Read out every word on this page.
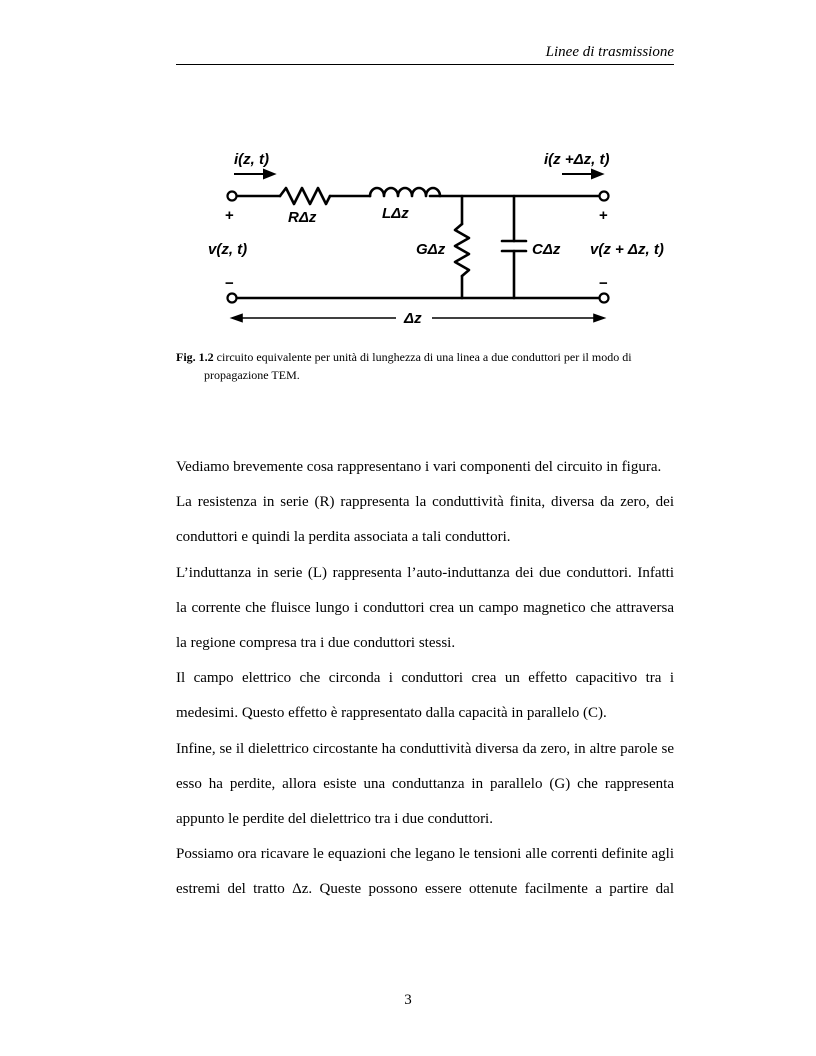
Linee di trasmissione
i(z, t)	i(z +Δz, t)
+	+
v(z, t)	v(z + Δz, t)
−	−
RΔz	LΔz
GΔz	CΔz
Δz
Fig. 1.2 circuito equivalente per unità di lunghezza di una linea a due conduttori per il modo di
propagazione TEM.

Vediamo brevemente cosa rappresentano i vari componenti del circuito in figura.

La resistenza in serie (R) rappresenta la conduttività finita, diversa da zero, dei

conduttori e quindi la perdita associata a tali conduttori.

L’induttanza in serie (L) rappresenta l’auto-induttanza dei due conduttori. Infatti

la corrente che fluisce lungo i conduttori crea un campo magnetico che attraversa

la regione compresa tra i due conduttori stessi.

Il campo elettrico che circonda i conduttori crea un effetto capacitivo tra i

medesimi. Questo effetto è rappresentato dalla capacità in parallelo (C).

Infine, se il dielettrico circostante ha conduttività diversa da zero, in altre parole se

esso ha perdite, allora esiste una conduttanza in parallelo (G) che rappresenta

appunto le perdite del dielettrico tra i due conduttori.

Possiamo ora ricavare le equazioni che legano le tensioni alle correnti definite agli

estremi del tratto Δz. Queste possono essere ottenute facilmente a partire dal

3
